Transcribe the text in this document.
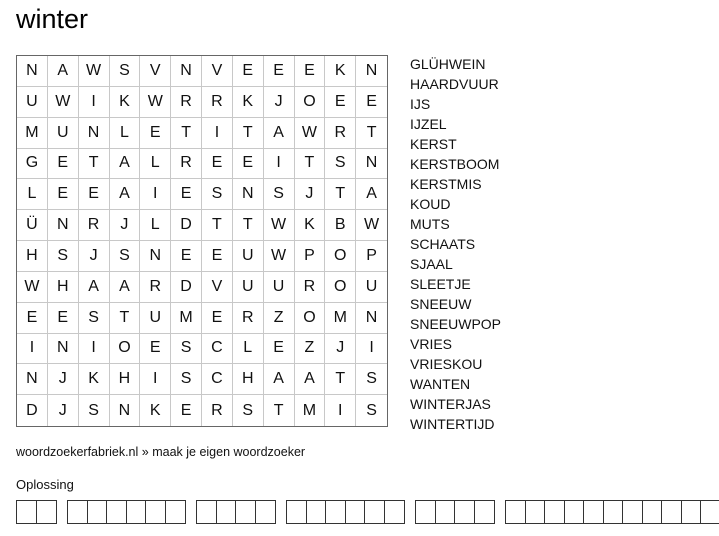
winter
N	A	W	S	V	N	V	E	E	E	K	N
U	W	I	K	W	R	R	K	J	O	E	E
M	U	N	L	E	T	I	T	A	W	R	T
G	E	T	A	L	R	E	E	I	T	S	N
L	E	E	A	I	E	S	N	S	J	T	A
Ü	N	R	J	L	D	T	T	W	K	B	W
H	S	J	S	N	E	E	U	W	P	O	P
W	H	A	A	R	D	V	U	U	R	O	U
E	E	S	T	U	M	E	R	Z	O	M	N
I	N	I	O	E	S	C	L	E	Z	J	I
N	J	K	H	I	S	C	H	A	A	T	S
D	J	S	N	K	E	R	S	T	M	I	S
GLÜHWEIN
HAARDVUUR
IJS
IJZEL
KERST
KERSTBOOM
KERSTMIS
KOUD
MUTS
SCHAATS
SJAAL
SLEETJE
SNEEUW
SNEEUWPOP
VRIES
VRIESKOU
WANTEN
WINTERJAS
WINTERTIJD
woordzoekerfabriek.nl » maak je eigen woordzoeker
Oplossing
